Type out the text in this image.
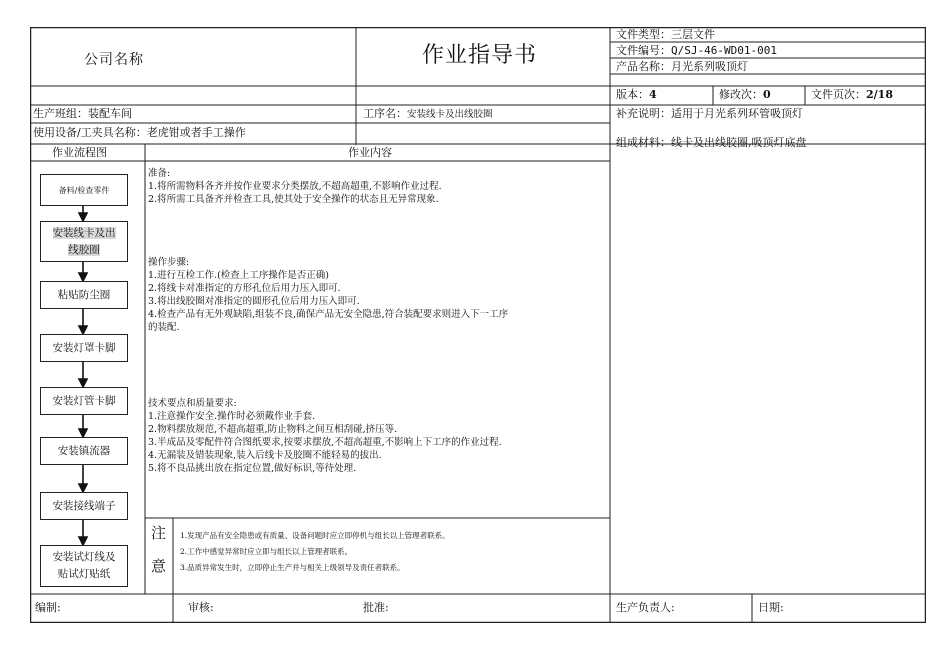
公司名称	作业指导书
文件类型：三层文件
文件编号：Q/SJ-46-WD01-001
产品名称：月光系列吸顶灯
版本：4	修改次：0	文件页次：2/18
生产班组：装配车间	工序名：安装线卡及出线胶圈	补充说明：适用于月光系列环管吸顶灯
使用设备/工夹具名称：老虎钳或者手工操作
组成材料：线卡及出线胶圈,吸顶灯底盘
作业流程图	作业内容
备料/检查零件
安装线卡及出
线胶圈
粘贴防尘圈
安装灯罩卡脚
安装灯管卡脚
安装镇流器
安装接线端子
安装试灯线及
贴试灯贴纸
准备:
1.将所需物料各齐并按作业要求分类摆放,不超高超重,不影响作业过程.
2.将所需工具备齐并检查工具,使其处于安全操作的状态且无异常现象.
操作步骤:
1.进行互检工作.(检查上工序操作是否正确)
2.将线卡对准指定的方形孔位后用力压入即可.
3.将出线胶圈对准指定的圆形孔位后用力压入即可.
4.检查产品有无外观缺陷,组装不良,确保产品无安全隐患,符合装配要求则进入下一工序
的装配.
技术要点和质量要求:
1.注意操作安全.操作时必须戴作业手套.
2.物料摆放规范,不超高超重,防止物料之间互相刮碰,挤压等.
3.半成品及零配件符合图纸要求,按要求摆放,不超高超重,不影响上下工序的作业过程.
4.无漏装及错装现象,装入后线卡及胶圈不能轻易的拔出.
5.将不良品挑出放在指定位置,做好标识,等待处理.
注
意
1.发现产品有安全隐患或有质量、设备问题时应立即停机与组长以上管理者联系。
2.工作中感觉异常时应立即与组长以上管理者联系。
3.品质异常发生时，立即停止生产并与相关上级领导及责任者联系。
编制:	审核:	批准:	生产负责人:	日期:
